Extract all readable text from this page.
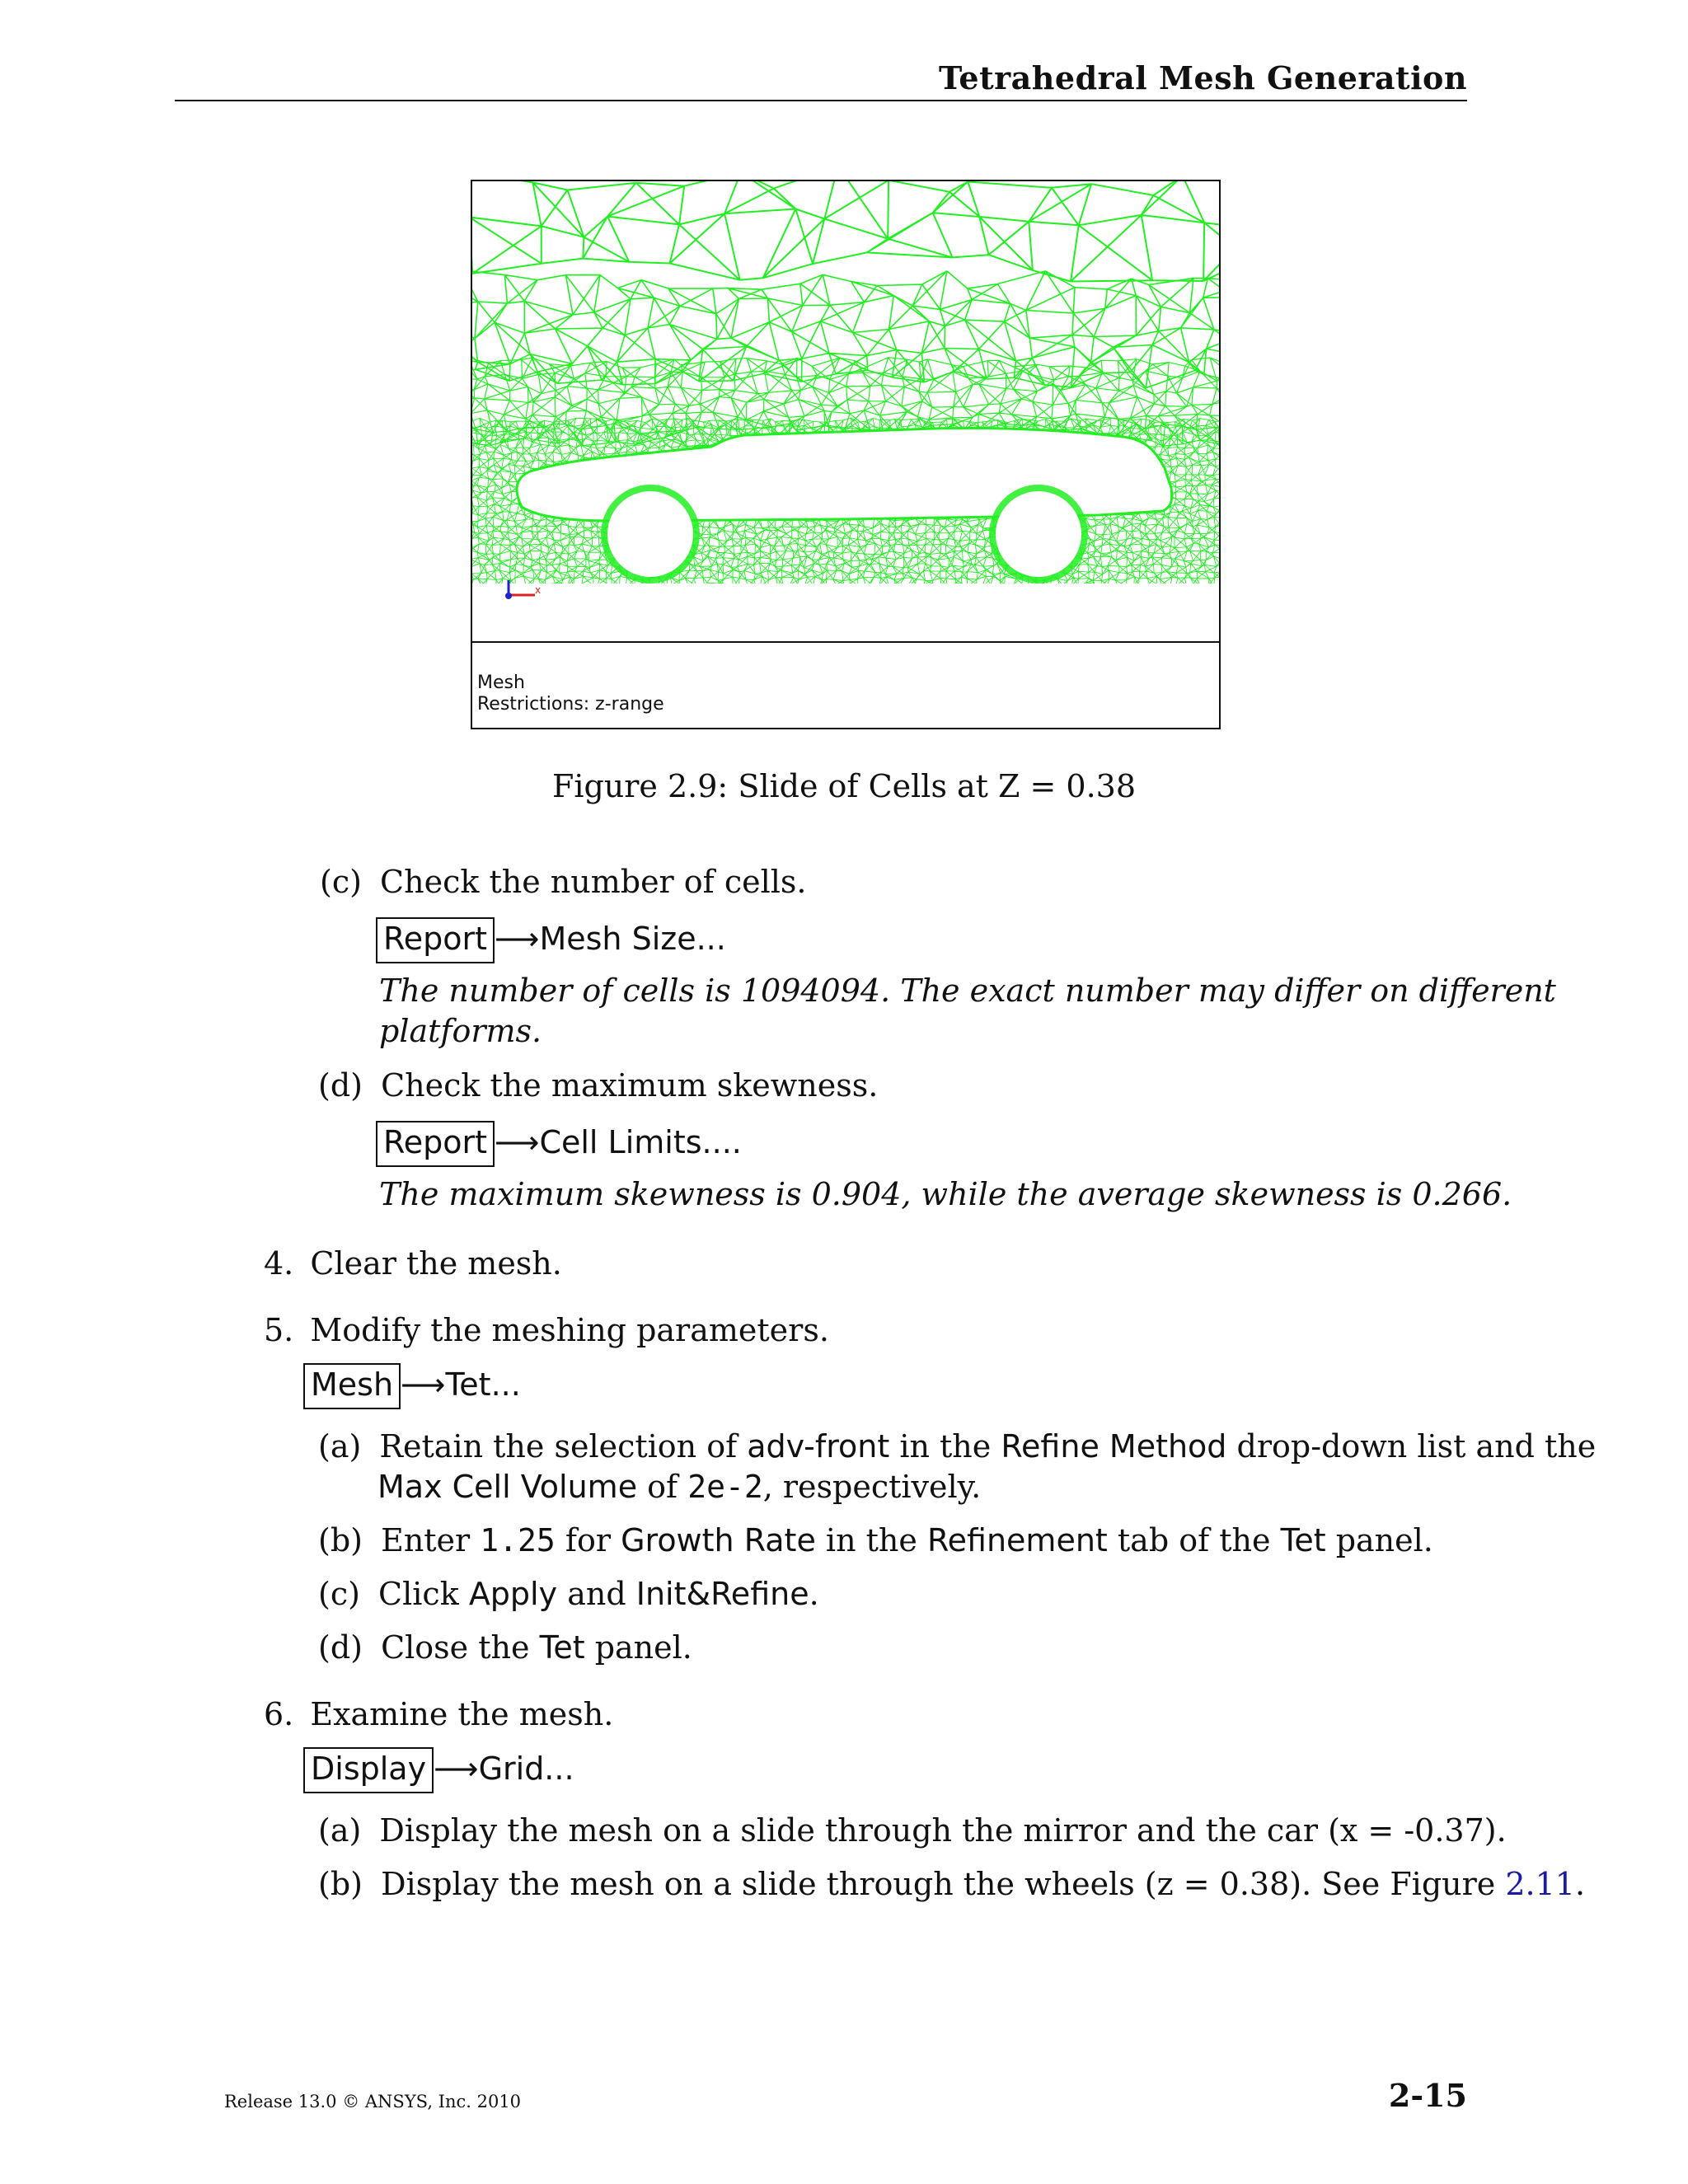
Tetrahedral Mesh Generation
x
Mesh
Restrictions: z-range
Figure 2.9: Slide of Cells at Z = 0.38
(c) Check the number of cells.
Report ⟶Mesh Size...
The number of cells is 1094094. The exact number may differ on different
platforms.
(d) Check the maximum skewness.
Report ⟶Cell Limits....
The maximum skewness is 0.904, while the average skewness is 0.266.
4. Clear the mesh.
5. Modify the meshing parameters.
Mesh ⟶Tet...
(a) Retain the selection of adv-front in the Refine Method drop-down list and the
Max Cell Volume of 2e-2, respectively.
(b) Enter 1.25 for Growth Rate in the Refinement tab of the Tet panel.
(c) Click Apply and Init&Refine.
(d) Close the Tet panel.
6. Examine the mesh.
Display ⟶Grid...
(a) Display the mesh on a slide through the mirror and the car (x = -0.37).
(b) Display the mesh on a slide through the wheels (z = 0.38). See Figure 2.11.
Release 13.0 © ANSYS, Inc. 2010	2-15
